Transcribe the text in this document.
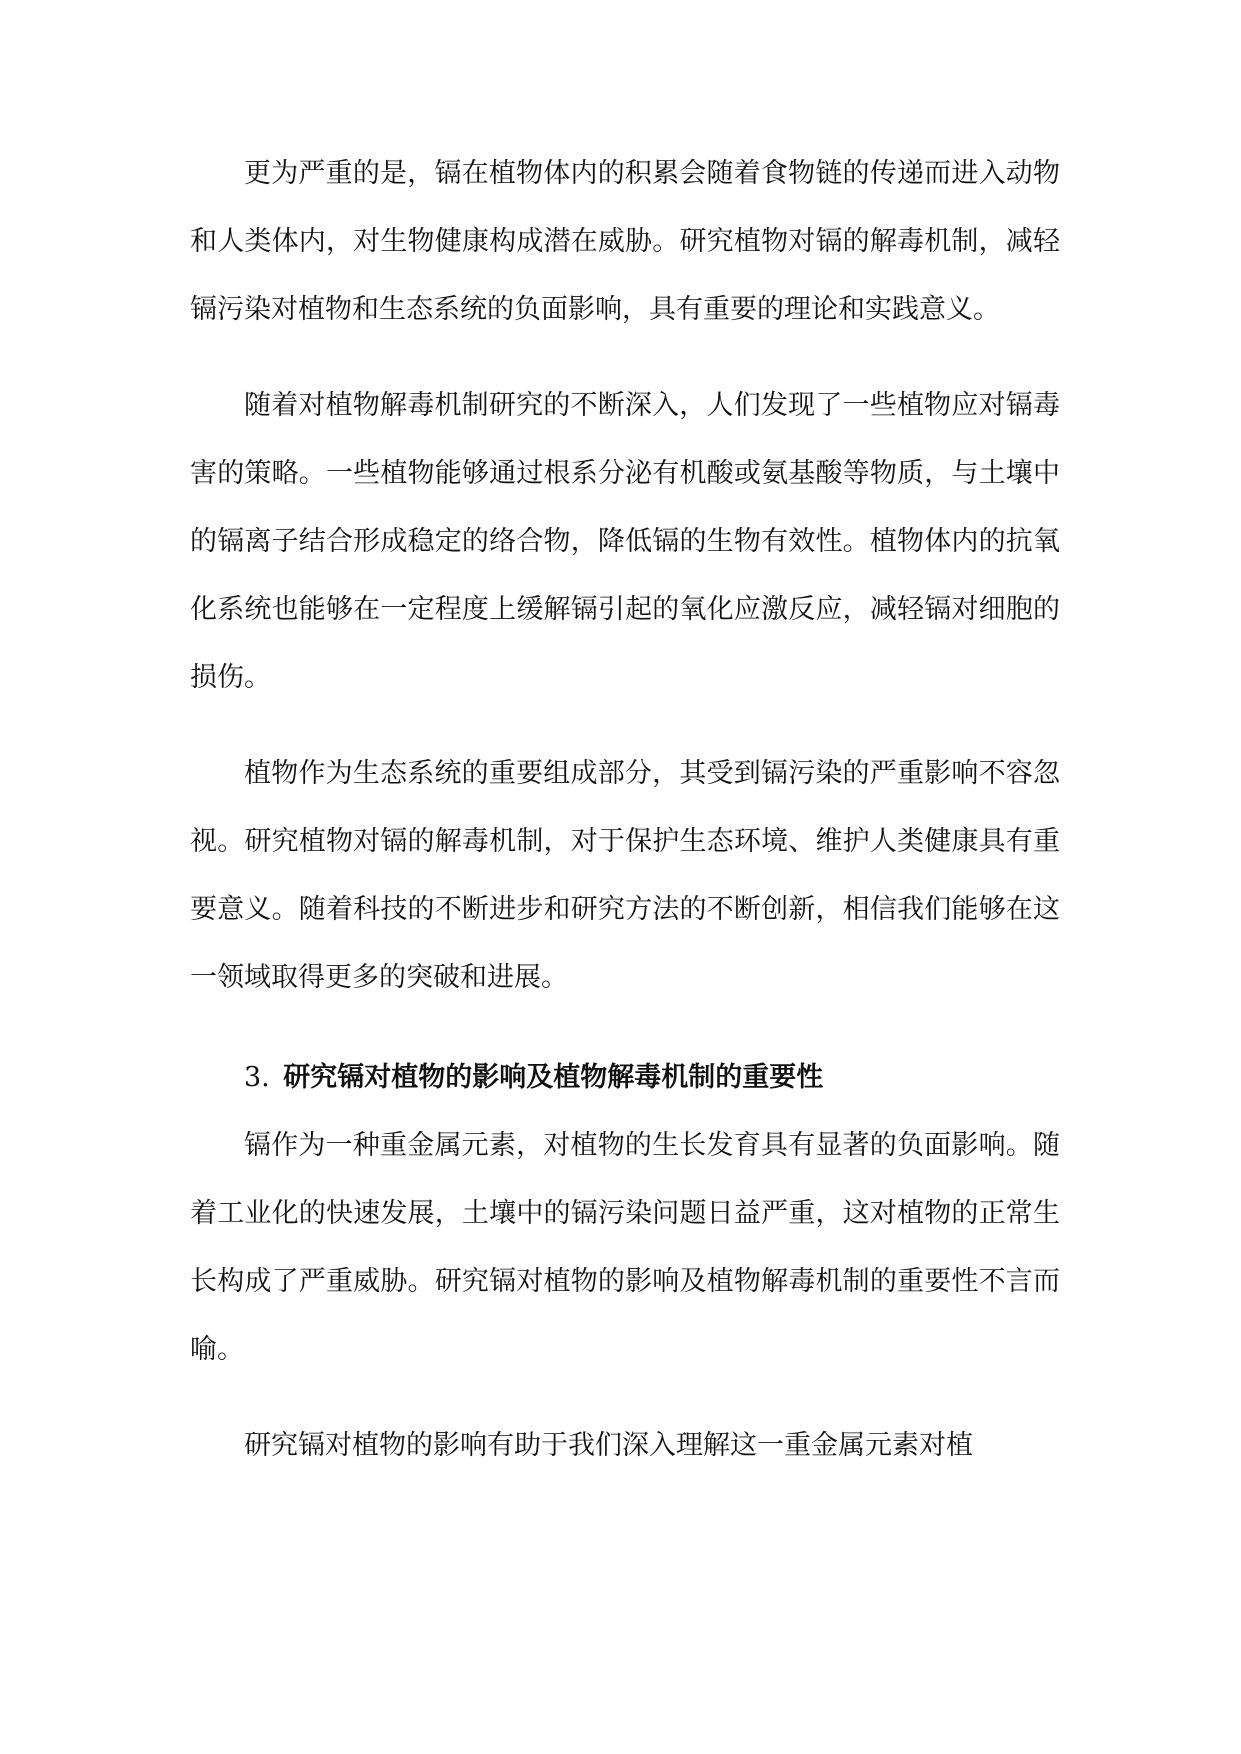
更为严重的是，镉在植物体内的积累会随着食物链的传递而进入动物和人类体内，对生物健康构成潜在威胁。研究植物对镉的解毒机制，减轻镉污染对植物和生态系统的负面影响，具有重要的理论和实践意义。

随着对植物解毒机制研究的不断深入，人们发现了一些植物应对镉毒害的策略。一些植物能够通过根系分泌有机酸或氨基酸等物质，与土壤中的镉离子结合形成稳定的络合物，降低镉的生物有效性。植物体内的抗氧化系统也能够在一定程度上缓解镉引起的氧化应激反应，减轻镉对细胞的损伤。

植物作为生态系统的重要组成部分，其受到镉污染的严重影响不容忽视。研究植物对镉的解毒机制，对于保护生态环境、维护人类健康具有重要意义。随着科技的不断进步和研究方法的不断创新，相信我们能够在这一领域取得更多的突破和进展。

3. 研究镉对植物的影响及植物解毒机制的重要性

镉作为一种重金属元素，对植物的生长发育具有显著的负面影响。随着工业化的快速发展，土壤中的镉污染问题日益严重，这对植物的正常生长构成了严重威胁。研究镉对植物的影响及植物解毒机制的重要性不言而喻。

研究镉对植物的影响有助于我们深入理解这一重金属元素对植
